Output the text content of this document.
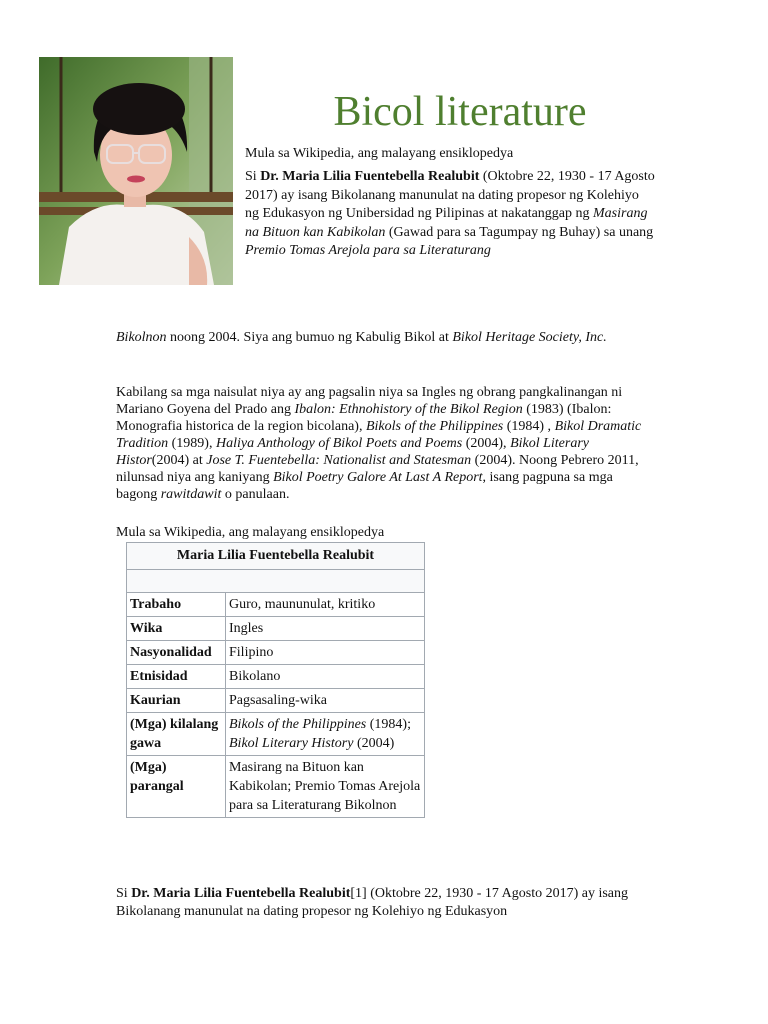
Bicol literature
Mula sa Wikipedia, ang malayang ensiklopedya
Si Dr. Maria Lilia Fuentebella Realubit (Oktobre 22, 1930 - 17 Agosto 2017) ay isang Bikolanang manunulat na dating propesor ng Kolehiyo ng Edukasyon ng Unibersidad ng Pilipinas at nakatanggap ng Masirang na Bituon kan Kabikolan (Gawad para sa Tagumpay ng Buhay) sa unang Premio Tomas Arejola para sa Literaturang
Bikolnon noong 2004. Siya ang bumuo ng Kabulig Bikol at Bikol Heritage Society, Inc.
Kabilang sa mga naisulat niya ay ang pagsalin niya sa Ingles ng obrang pangkalinangan ni Mariano Goyena del Prado ang Ibalon: Ethnohistory of the Bikol Region (1983) (Ibalon: Monografia historica de la region bicolana), Bikols of the Philippines (1984) , Bikol Dramatic Tradition (1989), Haliya Anthology of Bikol Poets and Poems (2004), Bikol Literary Histor(2004) at Jose T. Fuentebella: Nationalist and Statesman (2004). Noong Pebrero 2011, nilunsad niya ang kaniyang Bikol Poetry Galore At Last A Report, isang pagpuna sa mga bagong rawitdawit o panulaan.
Mula sa Wikipedia, ang malayang ensiklopedya
Maria Lilia Fuentebella Realubit	

Trabaho	Guro, maununulat, kritiko
Wika	Ingles
Nasyonalidad	Filipino
Etnisidad	Bikolano
Kaurian	Pagsasaling-wika
(Mga) kilalang gawa	Bikols of the Philippines (1984); Bikol Literary History (2004)
(Mga) parangal	Masirang na Bituon kan Kabikolan; Premio Tomas Arejola para sa Literaturang Bikolnon
Si Dr. Maria Lilia Fuentebella Realubit[1] (Oktobre 22, 1930 - 17 Agosto 2017) ay isang Bikolanang manunulat na dating propesor ng Kolehiyo ng Edukasyon
